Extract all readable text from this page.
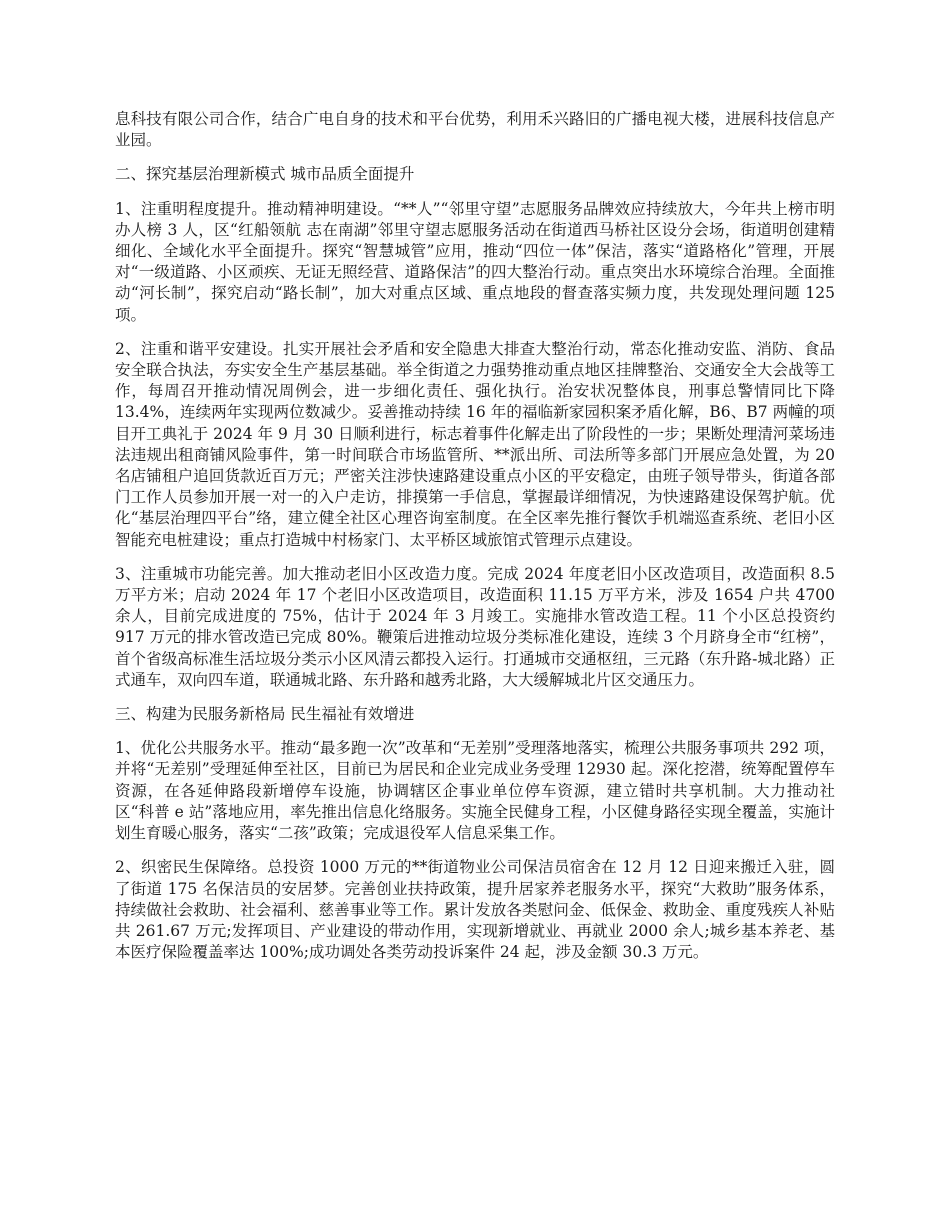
息科技有限公司合作，结合广电自身的技术和平台优势，利用禾兴路旧的广播电视大楼，进展科技信息产业园。

二、探究基层治理新模式 城市品质全面提升

1、注重明程度提升。推动精神明建设。“**人”“邻里守望”志愿服务品牌效应持续放大，今年共上榜市明办人榜 3 人，区“红船领航 志在南湖”邻里守望志愿服务活动在街道西马桥社区设分会场，街道明创建精细化、全域化水平全面提升。探究“智慧城管”应用，推动“四位一体”保洁，落实“道路格化”管理，开展对“一级道路、小区顽疾、无证无照经营、道路保洁”的四大整治行动。重点突出水环境综合治理。全面推动“河长制”，探究启动“路长制”，加大对重点区域、重点地段的督查落实频力度，共发现处理问题 125 项。

2、注重和谐平安建设。扎实开展社会矛盾和安全隐患大排查大整治行动，常态化推动安监、消防、食品安全联合执法，夯实安全生产基层基础。举全街道之力强势推动重点地区挂牌整治、交通安全大会战等工作，每周召开推动情况周例会，进一步细化责任、强化执行。治安状况整体良，刑事总警情同比下降 13.4%，连续两年实现两位数减少。妥善推动持续 16 年的福临新家园积案矛盾化解，B6、B7 两幢的项目开工典礼于 2024 年 9 月 30 日顺利进行，标志着事件化解走出了阶段性的一步；果断处理清河菜场违法违规出租商铺风险事件，第一时间联合市场监管所、**派出所、司法所等多部门开展应急处置，为 20 名店铺租户追回货款近百万元；严密关注涉快速路建设重点小区的平安稳定，由班子领导带头，街道各部门工作人员参加开展一对一的入户走访，排摸第一手信息，掌握最详细情况，为快速路建设保驾护航。优化“基层治理四平台”络，建立健全社区心理咨询室制度。在全区率先推行餐饮手机端巡查系统、老旧小区智能充电桩建设；重点打造城中村杨家门、太平桥区域旅馆式管理示点建设。

3、注重城市功能完善。加大推动老旧小区改造力度。完成 2024 年度老旧小区改造项目，改造面积 8.5 万平方米；启动 2024 年 17 个老旧小区改造项目，改造面积 11.15 万平方米，涉及 1654 户共 4700 余人，目前完成进度的 75%，估计于 2024 年 3 月竣工。实施排水管改造工程。11 个小区总投资约 917 万元的排水管改造已完成 80%。鞭策后进推动垃圾分类标准化建设，连续 3 个月跻身全市“红榜”，首个省级高标准生活垃圾分类示小区风清云都投入运行。打通城市交通枢纽，三元路（东升路-城北路）正式通车，双向四车道，联通城北路、东升路和越秀北路，大大缓解城北片区交通压力。

三、构建为民服务新格局 民生福祉有效增进

1、优化公共服务水平。推动“最多跑一次”改革和“无差别”受理落地落实，梳理公共服务事项共 292 项，并将“无差别”受理延伸至社区，目前已为居民和企业完成业务受理 12930 起。深化挖潜，统筹配置停车资源，在各延伸路段新增停车设施，协调辖区企事业单位停车资源，建立错时共享机制。大力推动社区“科普 e 站”落地应用，率先推出信息化络服务。实施全民健身工程，小区健身路径实现全覆盖，实施计划生育暖心服务，落实“二孩”政策；完成退役军人信息采集工作。

2、织密民生保障络。总投资 1000 万元的**街道物业公司保洁员宿舍在 12 月 12 日迎来搬迁入驻，圆了街道 175 名保洁员的安居梦。完善创业扶持政策，提升居家养老服务水平，探究“大救助”服务体系，持续做社会救助、社会福利、慈善事业等工作。累计发放各类慰问金、低保金、救助金、重度残疾人补贴共 261.67 万元;发挥项目、产业建设的带动作用，实现新增就业、再就业 2000 余人;城乡基本养老、基本医疗保险覆盖率达 100%;成功调处各类劳动投诉案件 24 起，涉及金额 30.3 万元。
